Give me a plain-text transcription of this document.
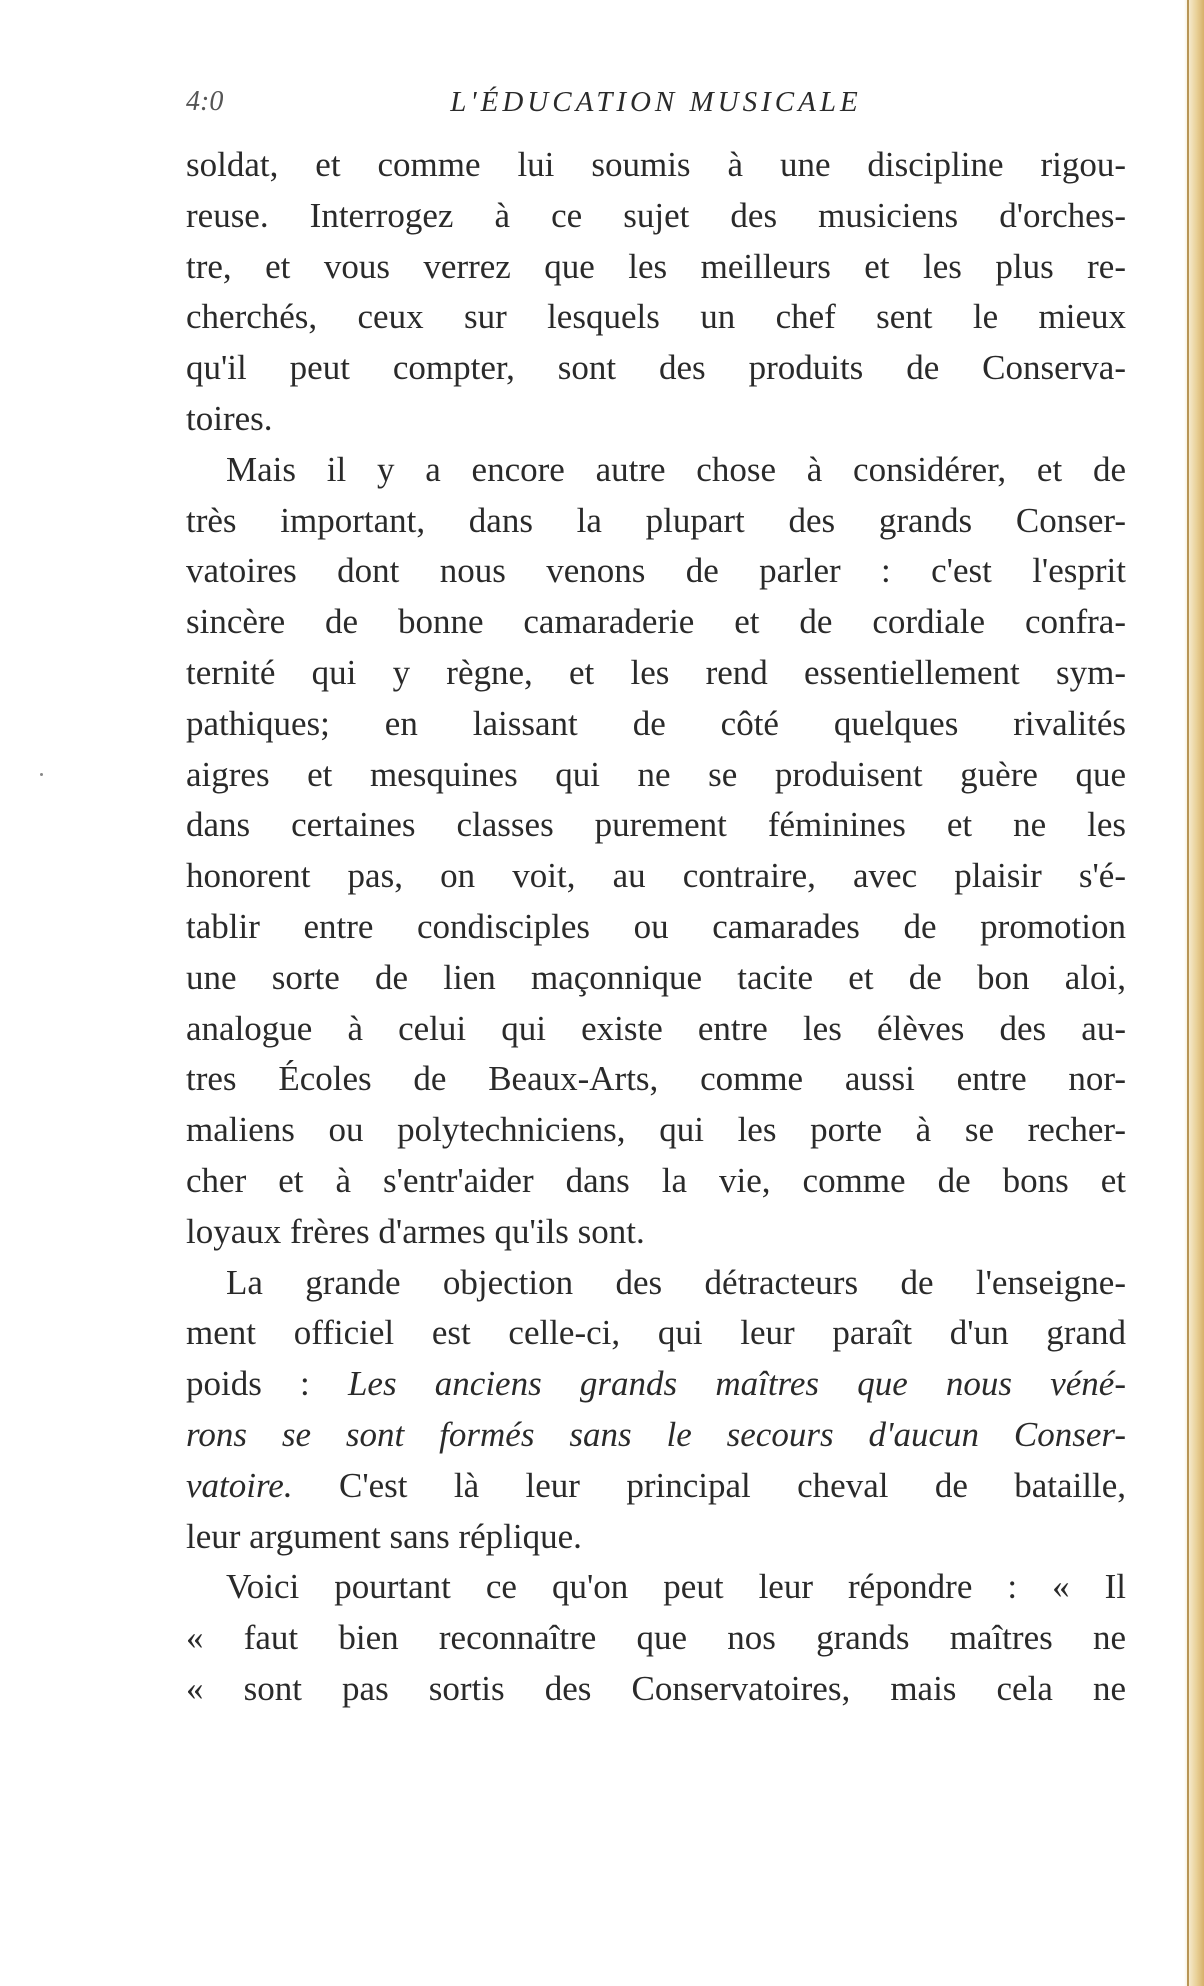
4:0	L'ÉDUCATION MUSICALE
soldat, et comme lui soumis à une discipline rigou-
reuse. Interrogez à ce sujet des musiciens d'orches-
tre, et vous verrez que les meilleurs et les plus re-
cherchés, ceux sur lesquels un chef sent le mieux
qu'il peut compter, sont des produits de Conserva-
toires.
Mais il y a encore autre chose à considérer, et de
très important, dans la plupart des grands Conser-
vatoires dont nous venons de parler : c'est l'esprit
sincère de bonne camaraderie et de cordiale confra-
ternité qui y règne, et les rend essentiellement sym-
pathiques; en laissant de côté quelques rivalités
aigres et mesquines qui ne se produisent guère que
dans certaines classes purement féminines et ne les
honorent pas, on voit, au contraire, avec plaisir s'é-
tablir entre condisciples ou camarades de promotion
une sorte de lien maçonnique tacite et de bon aloi,
analogue à celui qui existe entre les élèves des au-
tres Écoles de Beaux-Arts, comme aussi entre nor-
maliens ou polytechniciens, qui les porte à se recher-
cher et à s'entr'aider dans la vie, comme de bons et
loyaux frères d'armes qu'ils sont.
La grande objection des détracteurs de l'enseigne-
ment officiel est celle-ci, qui leur paraît d'un grand
poids : Les anciens grands maîtres que nous véné-
rons se sont formés sans le secours d'aucun Conser-
vatoire. C'est là leur principal cheval de bataille,
leur argument sans réplique.
Voici pourtant ce qu'on peut leur répondre : « Il
« faut bien reconnaître que nos grands maîtres ne
« sont pas sortis des Conservatoires, mais cela ne
